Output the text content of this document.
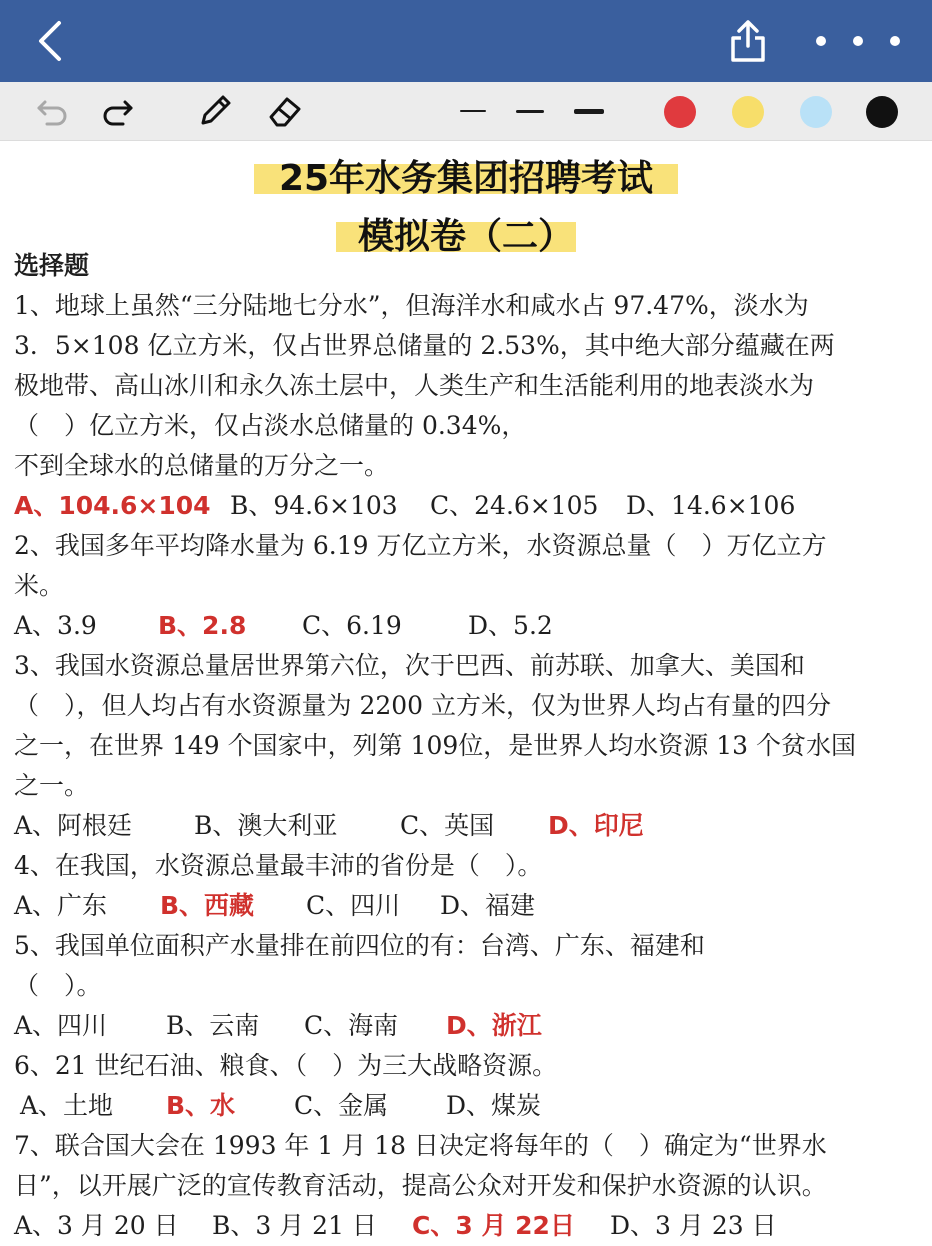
25年水务集团招聘考试
模拟卷（二）
选择题
1、地球上虽然“三分陆地七分水”，但海洋水和咸水占 97.47%，淡水为
3．5×108 亿立方米，仅占世界总储量的 2.53%，其中绝大部分蕴藏在两
极地带、高山冰川和永久冻土层中，人类生产和生活能利用的地表淡水为
（　）亿立方米，仅占淡水总储量的 0.34%，
不到全球水的总储量的万分之一。
A、104.6×104 B、94.6×103 C、24.6×105 D、14.6×106
2、我国多年平均降水量为 6.19 万亿立方米，水资源总量（　）万亿立方
米。
A、3.9 B、2.8 C、6.19	D、5.2
3、我国水资源总量居世界第六位，次于巴西、前苏联、加拿大、美国和
（　），但人均占有水资源量为 2200 立方米，仅为世界人均占有量的四分
之一，在世界 149 个国家中，列第 109位，是世界人均水资源 13 个贫水国
之一。
A、阿根廷 B、澳大利亚	C、英国 D、印尼
4、在我国，水资源总量最丰沛的省份是（　）。
A、广东 B、西藏 C、四川 D、福建
5、我国单位面积产水量排在前四位的有：台湾、广东、福建和
（　）。
A、四川 B、云南 C、海南 D、浙江
6、21 世纪石油、粮食、（　）为三大战略资源。
A、土地 B、水 C、金属 D、煤炭
7、联合国大会在 1993 年 1 月 18 日决定将每年的（　）确定为“世界水
日”，以开展广泛的宣传教育活动，提高公众对开发和保护水资源的认识。
A、3 月 20 日 B、3 月 21 日 C、3 月 22日 D、3 月 23 日
